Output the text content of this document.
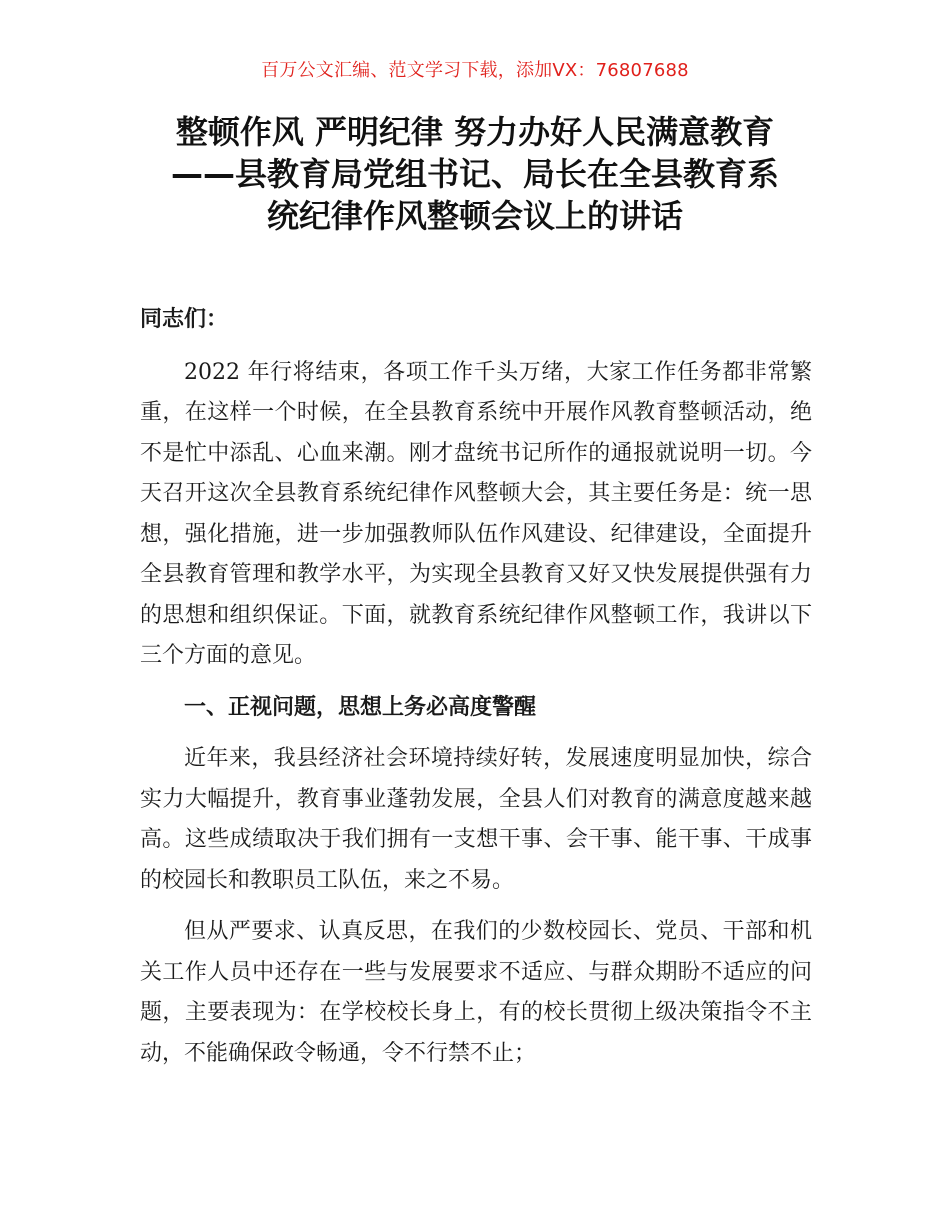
百万公文汇编、范文学习下载，添加VX：76807688
整顿作风 严明纪律 努力办好人民满意教育
——县教育局党组书记、局长在全县教育系
统纪律作风整顿会议上的讲话

同志们：

2022 年行将结束，各项工作千头万绪，大家工作任务都非常繁重，在这样一个时候，在全县教育系统中开展作风教育整顿活动，绝不是忙中添乱、心血来潮。刚才盘统书记所作的通报就说明一切。今天召开这次全县教育系统纪律作风整顿大会，其主要任务是：统一思想，强化措施，进一步加强教师队伍作风建设、纪律建设，全面提升全县教育管理和教学水平，为实现全县教育又好又快发展提供强有力的思想和组织保证。下面，就教育系统纪律作风整顿工作，我讲以下三个方面的意见。

一、正视问题，思想上务必高度警醒

近年来，我县经济社会环境持续好转，发展速度明显加快，综合实力大幅提升，教育事业蓬勃发展，全县人们对教育的满意度越来越高。这些成绩取决于我们拥有一支想干事、会干事、能干事、干成事的校园长和教职员工队伍，来之不易。

但从严要求、认真反思，在我们的少数校园长、党员、干部和机关工作人员中还存在一些与发展要求不适应、与群众期盼不适应的问题，主要表现为：在学校校长身上，有的校长贯彻上级决策指令不主动，不能确保政令畅通，令不行禁不止；
